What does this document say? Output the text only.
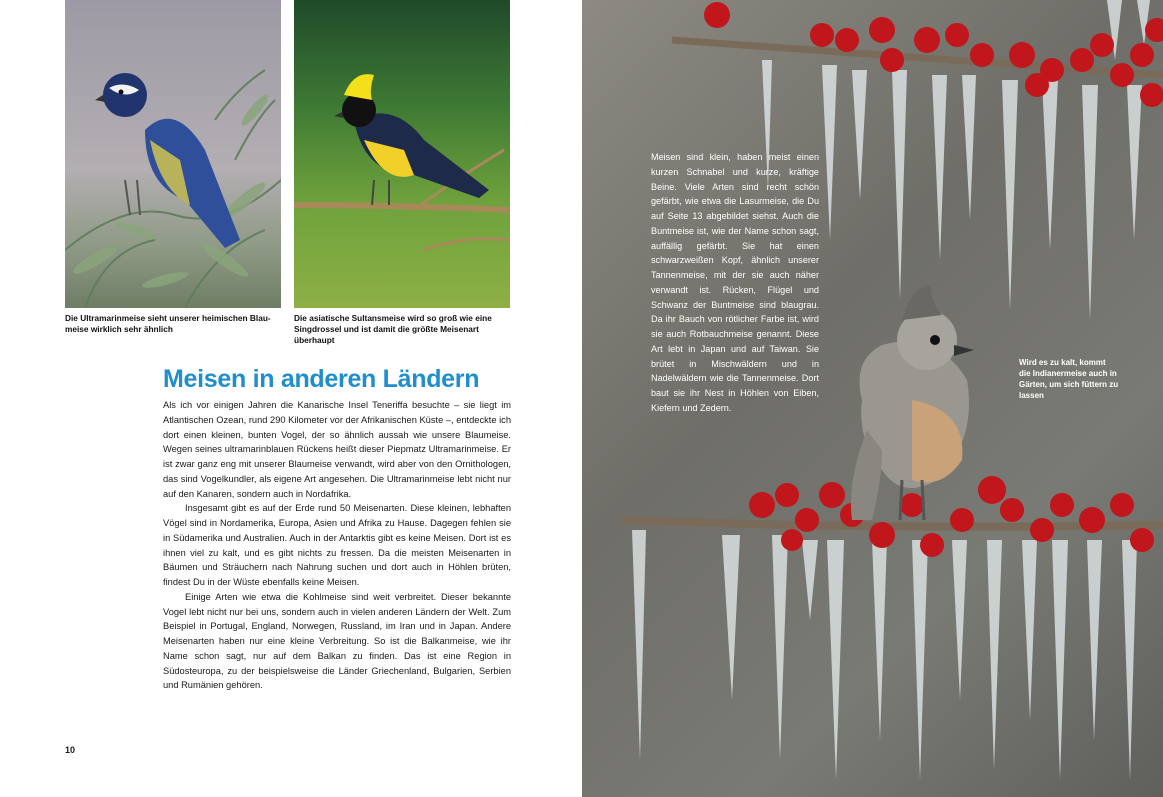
Die Ultramarinmeise sieht unserer heimischen Blau-meise wirklich sehr ähnlich
Die asiatische Sultansmeise wird so groß wie eine Singdrossel und ist damit die größte Meisenart überhaupt
Meisen in anderen Ländern

Als ich vor einigen Jahren die Kanarische Insel Teneriffa besuchte – sie liegt im Atlantischen Ozean, rund 290 Kilometer vor der Afrikanischen Küste –, entdeckte ich dort einen kleinen, bunten Vogel, der so ähnlich aussah wie unsere Blaumeise. Wegen seines ultramarinblauen Rückens heißt dieser Piepmatz Ultramarinmeise. Er ist zwar ganz eng mit unserer Blaumeise verwandt, wird aber von den Ornithologen, das sind Vogelkundler, als eigene Art angesehen. Die Ultramarinmeise lebt nicht nur auf den Kanaren, sondern auch in Nordafrika.

Insgesamt gibt es auf der Erde rund 50 Meisenarten. Diese kleinen, lebhaften Vögel sind in Nordamerika, Europa, Asien und Afrika zu Hause. Dagegen fehlen sie in Südamerika und Australien. Auch in der Antarktis gibt es keine Meisen. Dort ist es ihnen viel zu kalt, und es gibt nichts zu fressen. Da die meisten Meisenarten in Bäumen und Sträuchern nach Nahrung suchen und dort auch in Höhlen brüten, findest Du in der Wüste ebenfalls keine Meisen.

Einige Arten wie etwa die Kohlmeise sind weit verbreitet. Dieser bekannte Vogel lebt nicht nur bei uns, sondern auch in vielen anderen Ländern der Welt. Zum Beispiel in Portugal, England, Norwegen, Russland, im Iran und in Japan. Andere Meisenarten haben nur eine kleine Verbreitung. So ist die Balkanmeise, wie ihr Name schon sagt, nur auf dem Balkan zu finden. Das ist eine Region in Südosteuropa, zu der beispielsweise die Länder Griechenland, Bulgarien, Serbien und Rumänien gehören.

10

Meisen sind klein, haben meist einen kurzen Schnabel und kurze, kräftige Beine. Viele Arten sind recht schön gefärbt, wie etwa die Lasurmeise, die Du auf Seite 13 abgebildet siehst. Auch die Buntmeise ist, wie der Name schon sagt, auffällig gefärbt. Sie hat einen schwarzweißen Kopf, ähnlich unserer Tannenmeise, mit der sie auch näher verwandt ist. Rücken, Flügel und Schwanz der Buntmeise sind blaugrau. Da ihr Bauch von rötlicher Farbe ist, wird sie auch Rotbauchmeise genannt. Diese Art lebt in Japan und auf Taiwan. Sie brütet in Mischwäldern und in Nadelwäldern wie die Tannenmeise. Dort baut sie ihr Nest in Höhlen von Eiben, Kiefern und Zedern.

Wird es zu kalt, kommt die Indianermeise auch in Gärten, um sich füttern zu lassen
